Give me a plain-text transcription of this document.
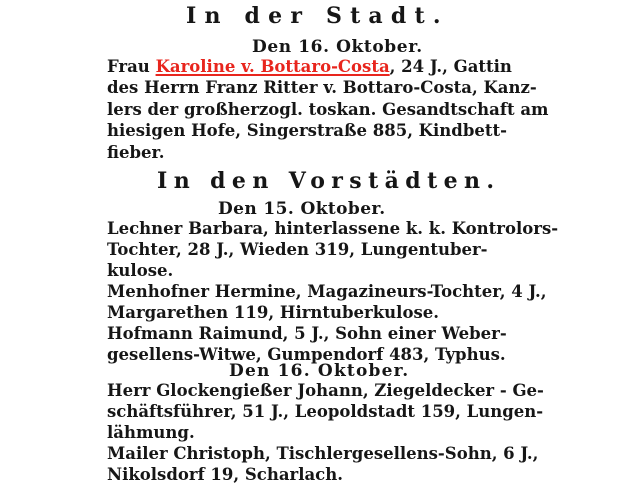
In der Stadt.
Den 16. Oktober.
Frau Karoline v. Bottaro-Costa, 24 J., Gattin
des Herrn Franz Ritter v. Bottaro-Costa, Kanz-
lers der großherzogl. toskan. Gesandtschaft am
hiesigen Hofe, Singerstraße 885, Kindbett-
fieber.
In den Vorstädten.
Den 15. Oktober.
Lechner Barbara, hinterlassene k. k. Kontrolors-
Tochter, 28 J., Wieden 319, Lungentuber-
kulose.
Menhofner Hermine, Magazineurs-Tochter, 4 J.,
Margarethen 119, Hirntuberkulose.
Hofmann Raimund, 5 J., Sohn einer Weber-
gesellens-Witwe, Gumpendorf 483, Typhus.
Den 16. Oktober.
Herr Glockengießer Johann, Ziegeldecker - Ge-
schäftsführer, 51 J., Leopoldstadt 159, Lungen-
lähmung.
Mailer Christoph, Tischlergesellens-Sohn, 6 J.,
Nikolsdorf 19, Scharlach.
